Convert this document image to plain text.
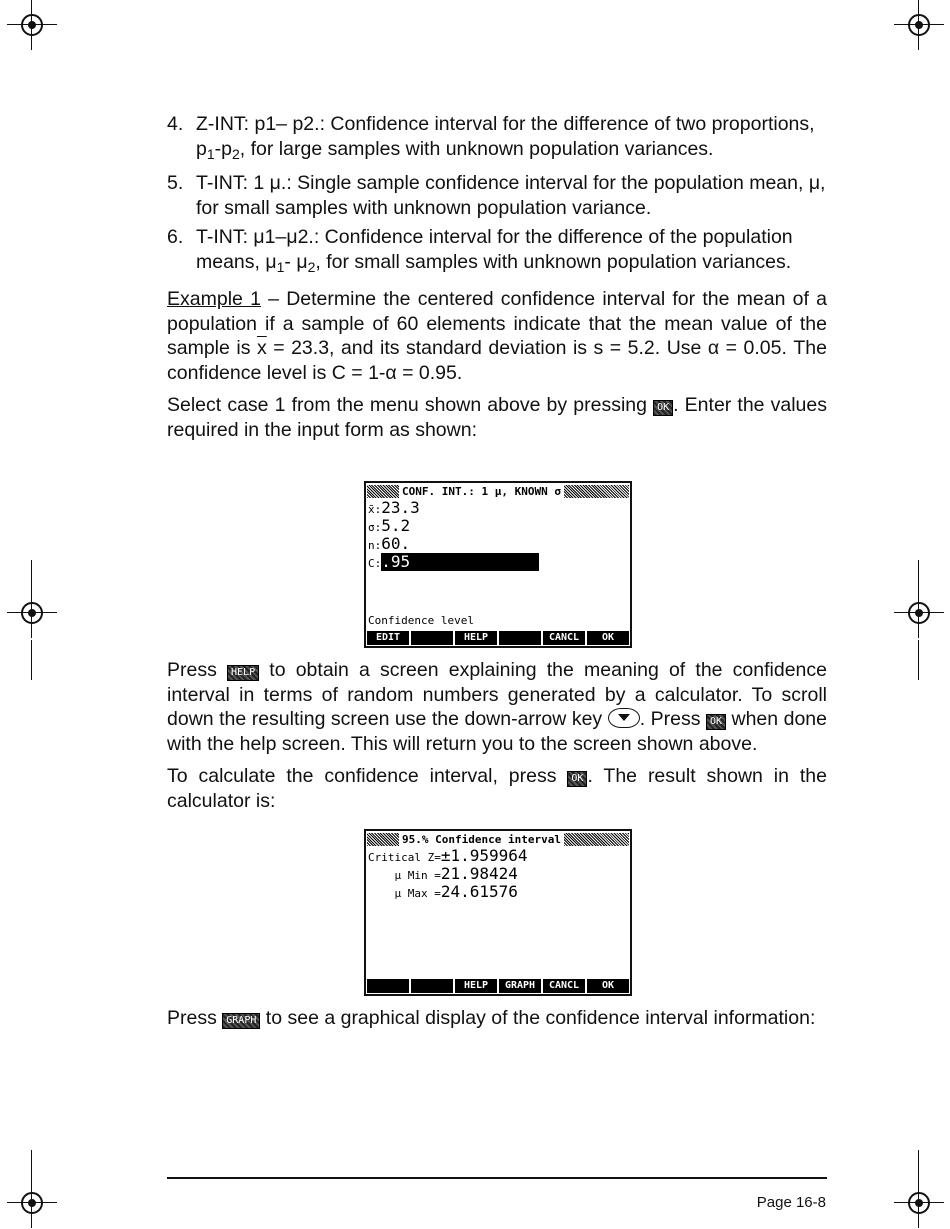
4. Z-INT: p1– p2.: Confidence interval for the difference of two proportions, $p_1-p_2$, for large samples with unknown population variances.
5. T-INT: 1 μ.: Single sample confidence interval for the population mean, μ, for small samples with unknown population variance.
6. T-INT: μ1–μ2.: Confidence interval for the difference of the population means, $\mu_1-$ $\mu_2$, for small samples with unknown population variances.

Example 1 – Determine the centered confidence interval for the mean of a population if a sample of 60 elements indicate that the mean value of the sample is $\overline{x} = 23.3$, and its standard deviation is s = 5.2. Use α = 0.05. The confidence level is C = 1-α = 0.95.

Select case 1 from the menu shown above by pressing OK . Enter the values required in the input form as shown:

CONF. INT.: 1 μ, KNOWN σ
x̄:23.3
σ:5.2
n:60.
C:.95
Confidence level
EDIT	HELP	CANCL	OK

Press HELP to obtain a screen explaining the meaning of the confidence interval in terms of random numbers generated by a calculator. To scroll down the resulting screen use the down-arrow key . Press OK when done with the help screen. This will return you to the screen shown above.

To calculate the confidence interval, press OK . The result shown in the calculator is:

95.% Confidence interval
Critical Z=±1.959964
μ Min =21.98424
μ Max =24.61576
HELP	GRAPH	CANCL	OK

Press GRAPH to see a graphical display of the confidence interval information:

Page 16-8
